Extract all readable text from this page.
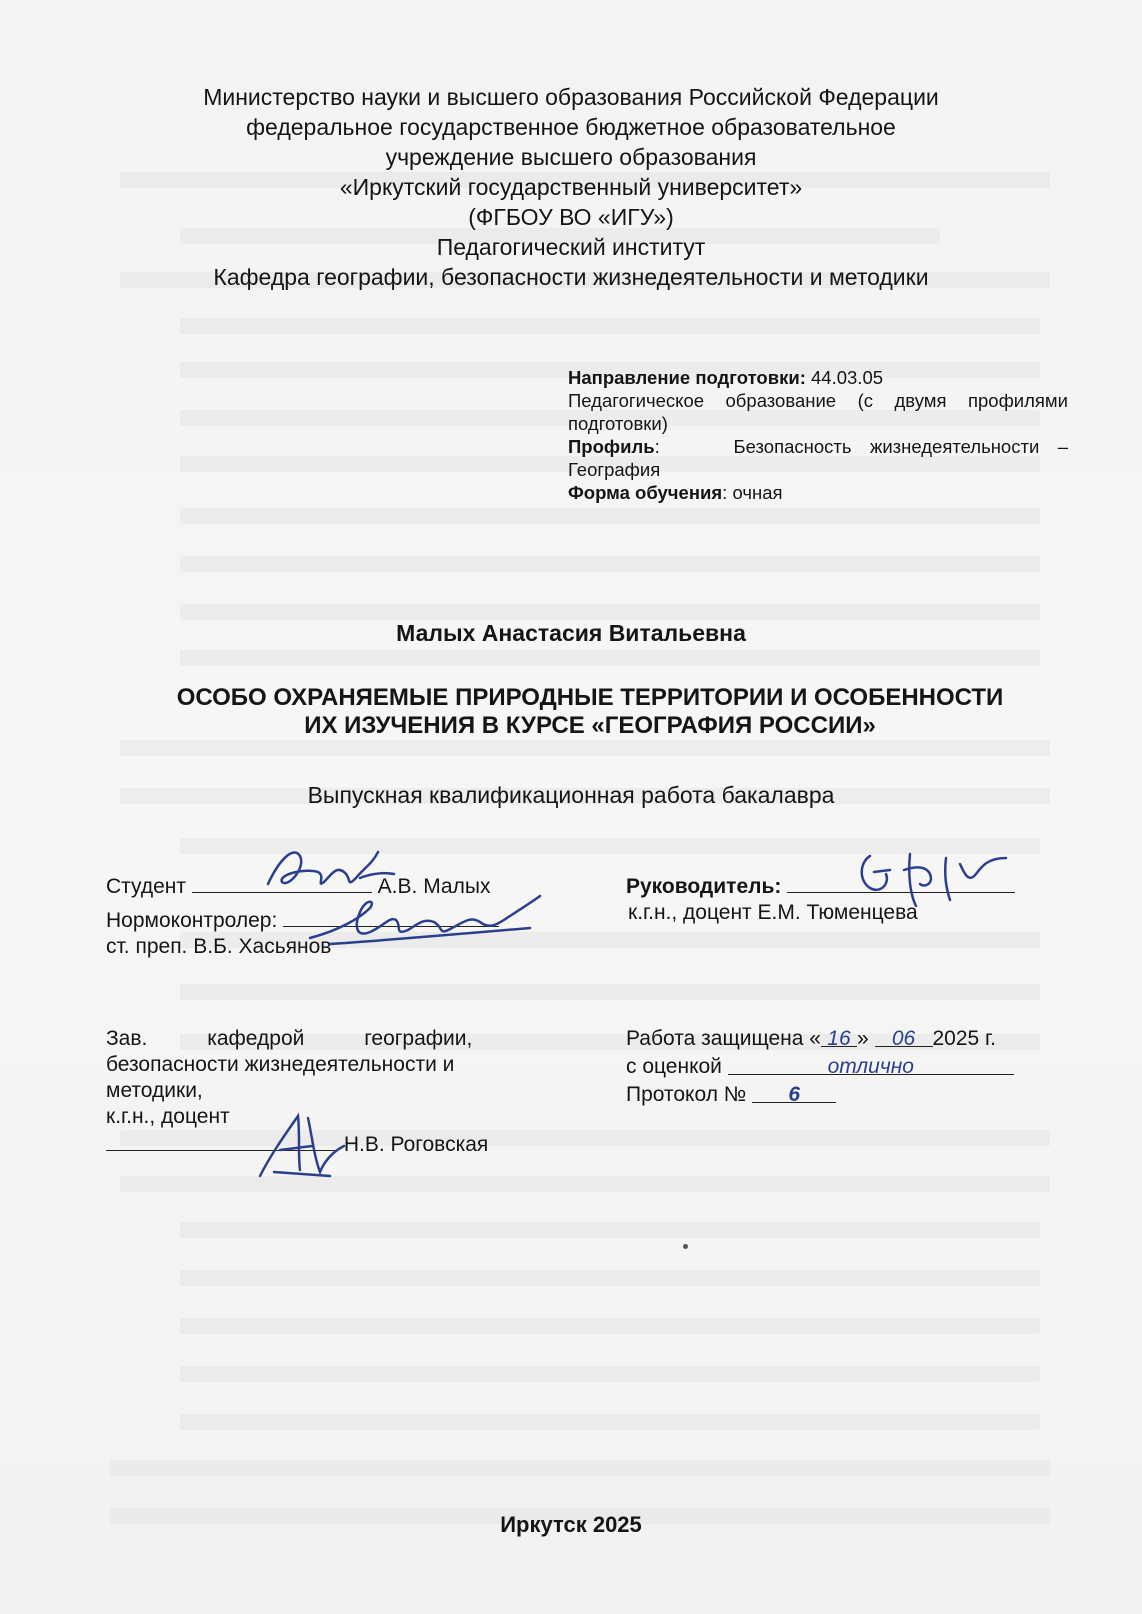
Министерство науки и высшего образования Российской Федерации
федеральное государственное бюджетное образовательное
учреждение высшего образования
«Иркутский государственный университет»
(ФГБОУ ВО «ИГУ»)
Педагогический институт
Кафедра географии, безопасности жизнедеятельности и методики

Направление подготовки: 44.03.05

Педагогическое образование (с двумя профилями подготовки)

Профиль:    Безопасность жизнедеятельности – География

Форма обучения: очная

Малых Анастасия Витальевна
ОСОБО ОХРАНЯЕМЫЕ ПРИРОДНЫЕ ТЕРРИТОРИИ И ОСОБЕННОСТИ
ИХ ИЗУЧЕНИЯ В КУРСЕ «ГЕОГРАФИЯ РОССИИ»
Выпускная квалификационная работа бакалавра
Студент	А.В. Малых	Руководитель:
к.г.н., доцент Е.М. Тюменцева
Нормоконтролер:
ст. преп. В.Б. Хасьянов
Зав. кафедрой географии,
безопасности жизнедеятельности и
методики,
к.г.н., доцент
Н.В. Роговская
Работа защищена « 16 » 06 2025 г.
с оценкой	отлично
Протокол № 6
Иркутск 2025
